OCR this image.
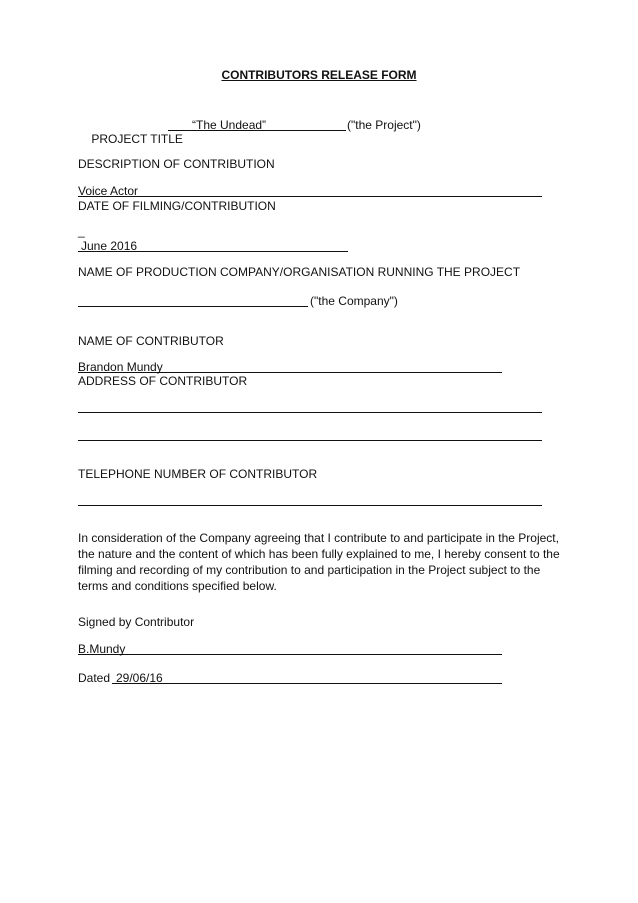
CONTRIBUTORS RELEASE FORM

PROJECT TITLE

“The Undead”	("the Project")
DESCRIPTION OF CONTRIBUTION
Voice Actor
DATE OF FILMING/CONTRIBUTION
_
June 2016
NAME OF PRODUCTION COMPANY/ORGANISATION RUNNING THE PROJECT
("the Company")
NAME OF CONTRIBUTOR
Brandon Mundy
ADDRESS OF CONTRIBUTOR
TELEPHONE NUMBER OF CONTRIBUTOR
In consideration of the Company agreeing that I contribute to and participate in the Project, the nature and the content of which has been fully explained to me, I hereby consent to the filming and recording of my contribution to and participation in the Project subject to the terms and conditions specified below.
Signed by Contributor
B.Mundy
Dated 29/06/16
